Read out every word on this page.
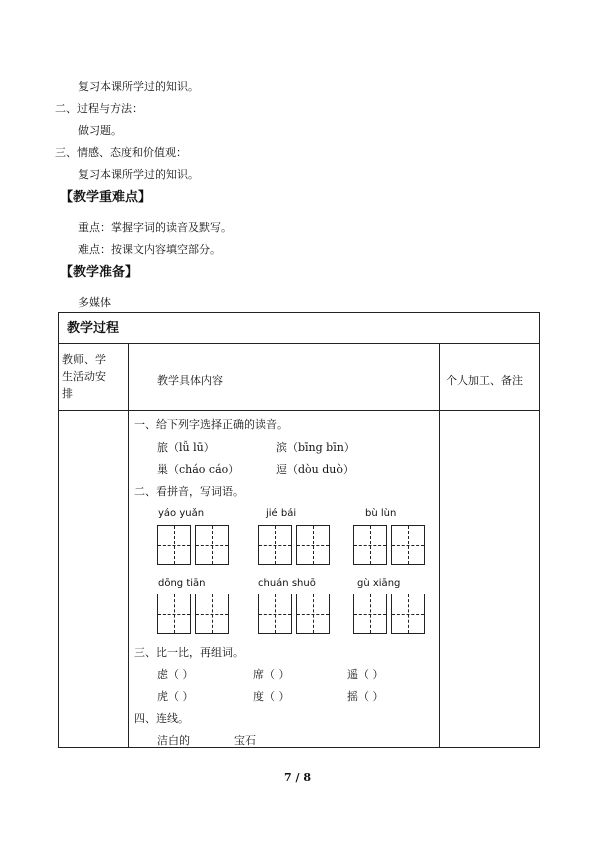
复习本课所学过的知识。
二、过程与方法：
做习题。
三、情感、态度和价值观：
复习本课所学过的知识。
【教学重难点】
重点：掌握字词的读音及默写。
难点：按课文内容填空部分。
【教学准备】
多媒体
教学过程
教师、学
生活动安
排
教学具体内容	个人加工、备注
一、给下列字选择正确的读音。
旅（lǚ lū）	滨（bīng bīn）
巢（cháo cáo）	逗（dòu duò）
二、看拼音，写词语。
yáo yuǎn	jié bái	bù lùn
dōng tiān	chuán shuō	gù xiāng
三、比一比，再组词。
虑（ ）	席（ ）	遥（ ）
虎（ ）	度（ ）	摇（ ）
四、连线。
洁白的	宝石
7 / 8
